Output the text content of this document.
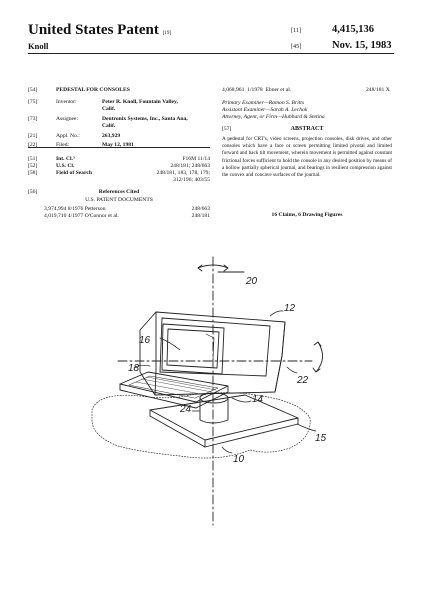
United States Patent [19]	[11]	4,415,136
Knoll	[45]	Nov. 15, 1983
[54]	PEDESTAL FOR CONSOLES
[75]	Inventor:	Peter R. Knoll, Fountain Valley,
Calif.
[73]	Assignee:	Dentronix Systems, Inc., Santa Ana,
Calif.
[21]	Appl. No.:	263,929
[22]	Filed:	May 12, 1981
[51]	Int. Cl.³	F16M 11/14
[52]	U.S. Cl.	248/181; 248/663
[58]	Field of Search	248/181, 183, 178, 179;
312/196; 403/55
[56]	References Cited
U.S. PATENT DOCUMENTS
3,974,994 8/1976 Petterson	248/663
4,019,710 4/1977 O'Connor et al.	248/181
4,068,961 1/1978 Ebner et al.	248/181 X
Primary Examiner—Ramon S. Britts
Assistant Examiner—Sarah A. Lechok
Attorney, Agent, or Firm—Hubbard & Stetina
[57]	ABSTRACT
A pedestal for CRT's, video screens, projection consoles, disk drives, and other consoles which have a face or screen permitting limited pivotal and limited forward and back tilt movement, wherein movement is permitted against constant frictional forces sufficient to hold the console in any desired position by means of a hollow partially spherical journal, and bearings in resilient compression against the convex and concave surfaces of the journal.
16 Claims, 6 Drawing Figures
20
12
16
18
22
14
24
15
10
